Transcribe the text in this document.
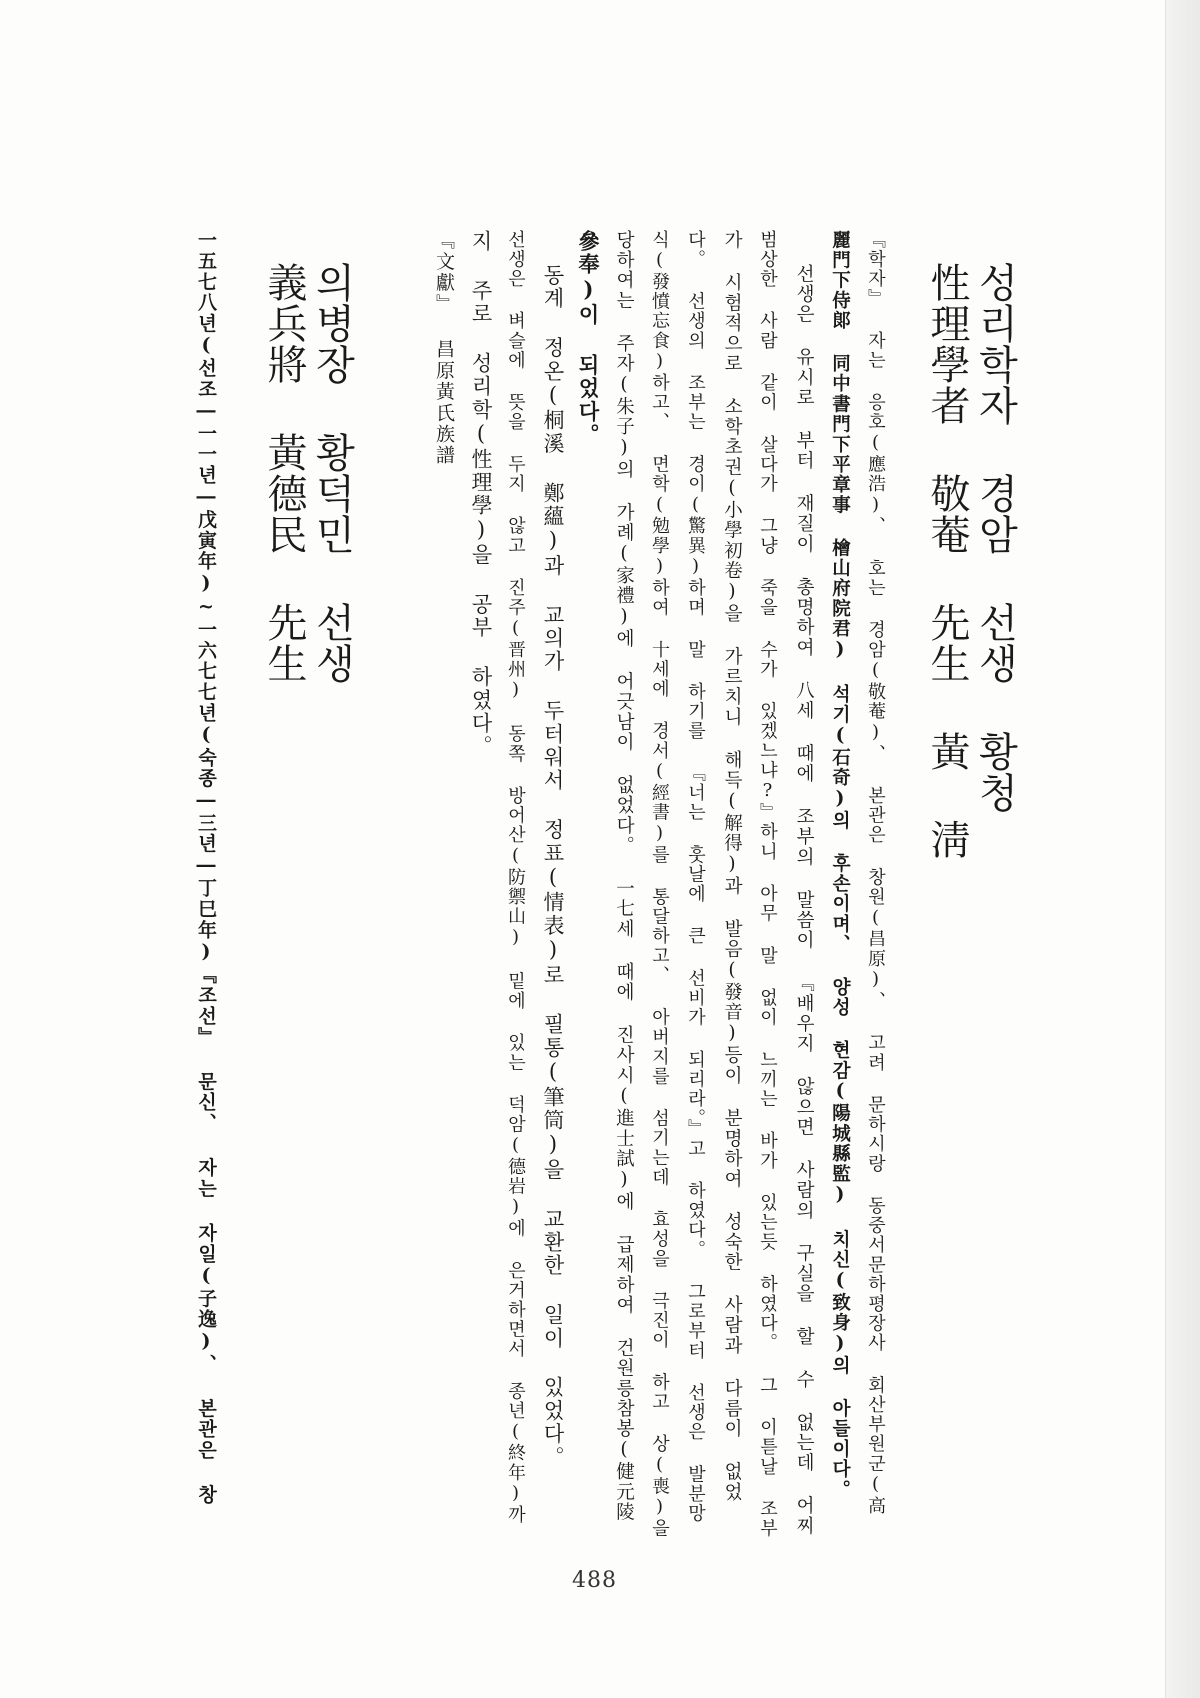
성리학자 경암 선생 황청
性理學者 敬菴 先生 黃 淸
『학자』 자는 응호(應浩)、 호는 경암(敬菴)、 본관은 창원(昌原)、 고려 문하시랑 동중서문하평장사 회산부원군(高
麗門下侍郞 同中書門下平章事 檜山府院君) 석기(石奇)의 후손이며、 양성 현감(陽城縣監) 치신(致身)의 아들이다。
선생은 유시로 부터 재질이 총명하여 八세 때에 조부의 말씀이 『배우지 않으면 사람의 구실을 할 수 없는데 어찌
범상한 사람 같이 살다가 그냥 죽을 수가 있겠느냐?』하니 아무 말 없이 느끼는 바가 있는듯 하였다。 그 이튿날 조부
가 시험적으로 소학초권(小學初卷)을 가르치니 해득(解得)과 발음(發音)등이 분명하여 성숙한 사람과 다름이 없었
다。 선생의 조부는 경이(驚異)하며 말 하기를 『너는 훗날에 큰 선비가 되리라。』고 하였다。 그로부터 선생은 발분망
식(發憤忘食)하고、 면학(勉學)하여 十세에 경서(經書)를 통달하고、 아버지를 섬기는데 효성을 극진이 하고 상(喪)을
당하여는 주자(朱子)의 가례(家禮)에 어긋남이 없었다。 一七세 때에 진사시(進士試)에 급제하여 건원릉참봉(健元陵
參奉)이 되었다。
동계 정온(桐溪 鄭蘊)과 교의가 두터워서 정표(情表)로 필통(筆筒)을 교환한 일이 있었다。
선생은 벼슬에 뜻을 두지 않고 진주(晋州) 동쪽 방어산(防禦山) 밑에 있는 덕암(德岩)에 은거하면서 종년(終年)까
지 주로 성리학(性理學)을 공부 하였다。
『文獻』 昌原黃氏族譜
의병장 황덕민 선생
義兵將 黃德民 先生
一五七八년(선조―一一년―戊寅年)~一六七七년(숙종―三년―丁巳年)『조선』 문신、 자는 자일(子逸)、 본관은 창
488
